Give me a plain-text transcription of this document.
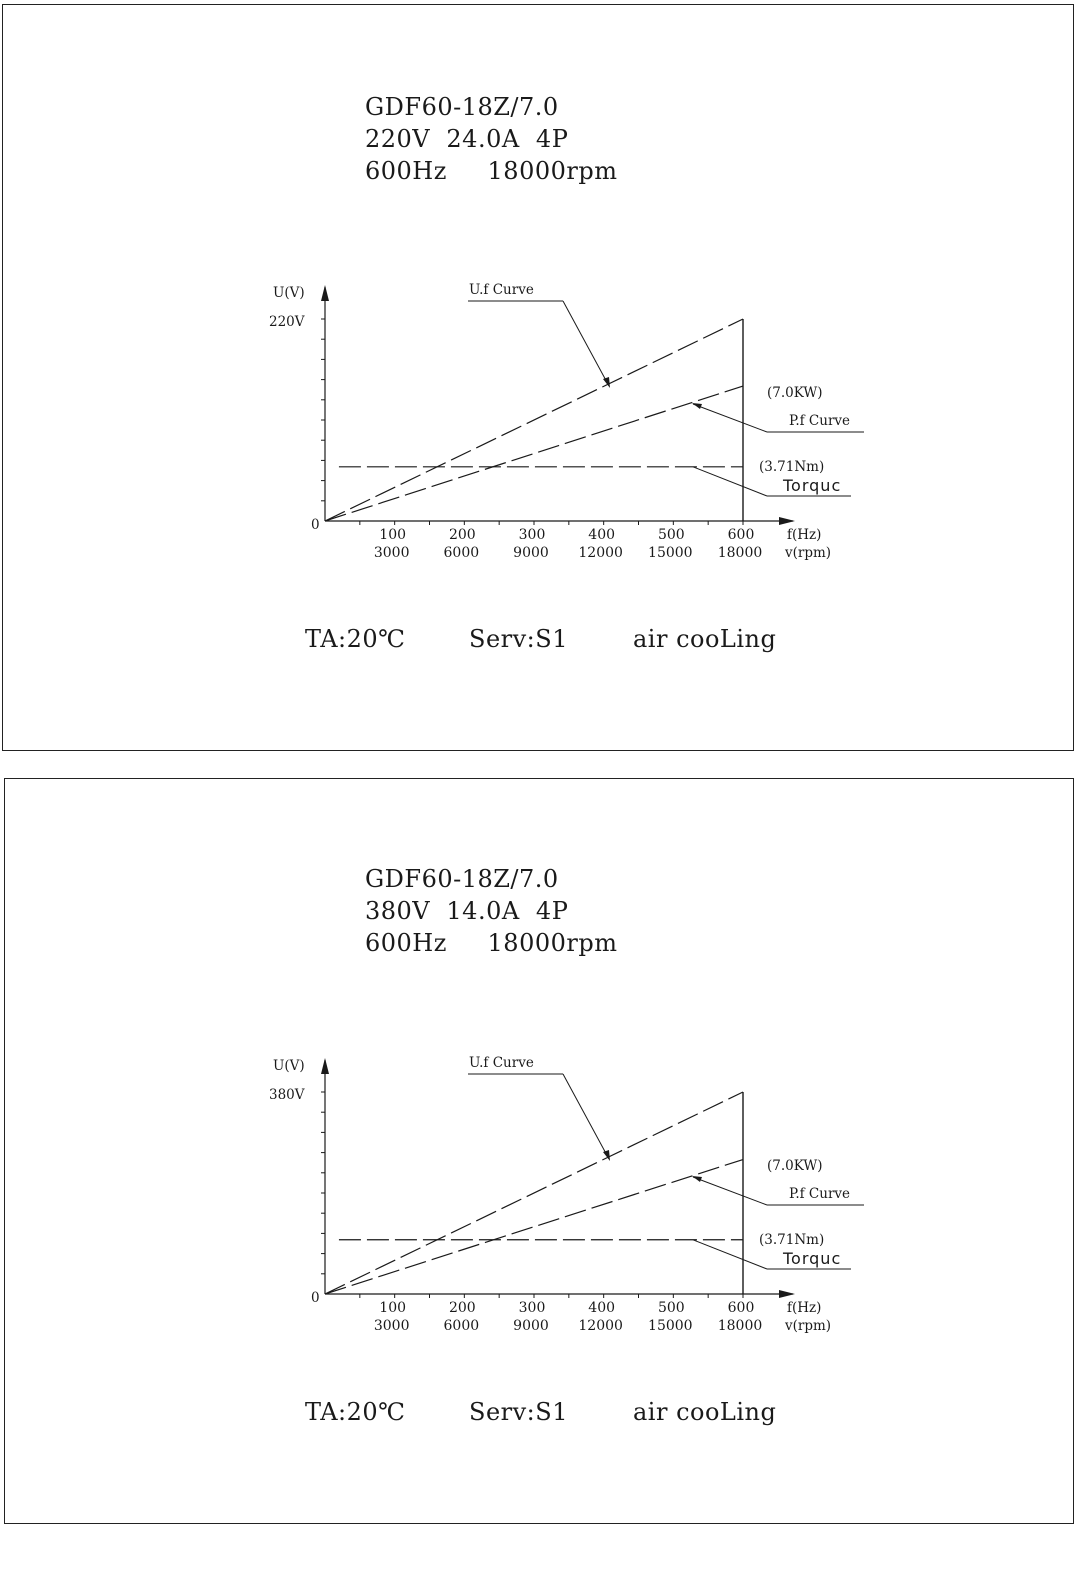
GDF60-18Z/7.0
220V  24.0A  4P
600Hz     18000rpm
U(V)
220V
0
f(Hz)
v(rpm)
100
3000
200
6000
300
9000
400
12000
500
15000
600
18000
U.f Curve
(7.0KW)
P.f Curve
(3.71Nm)
Torquc
TA:20℃	Serv:S1	air cooLing
GDF60-18Z/7.0
380V  14.0A  4P
600Hz     18000rpm
U(V)
380V
0
f(Hz)
v(rpm)
100
3000
200
6000
300
9000
400
12000
500
15000
600
18000
U.f Curve
(7.0KW)
P.f Curve
(3.71Nm)
Torquc
TA:20℃	Serv:S1	air cooLing
